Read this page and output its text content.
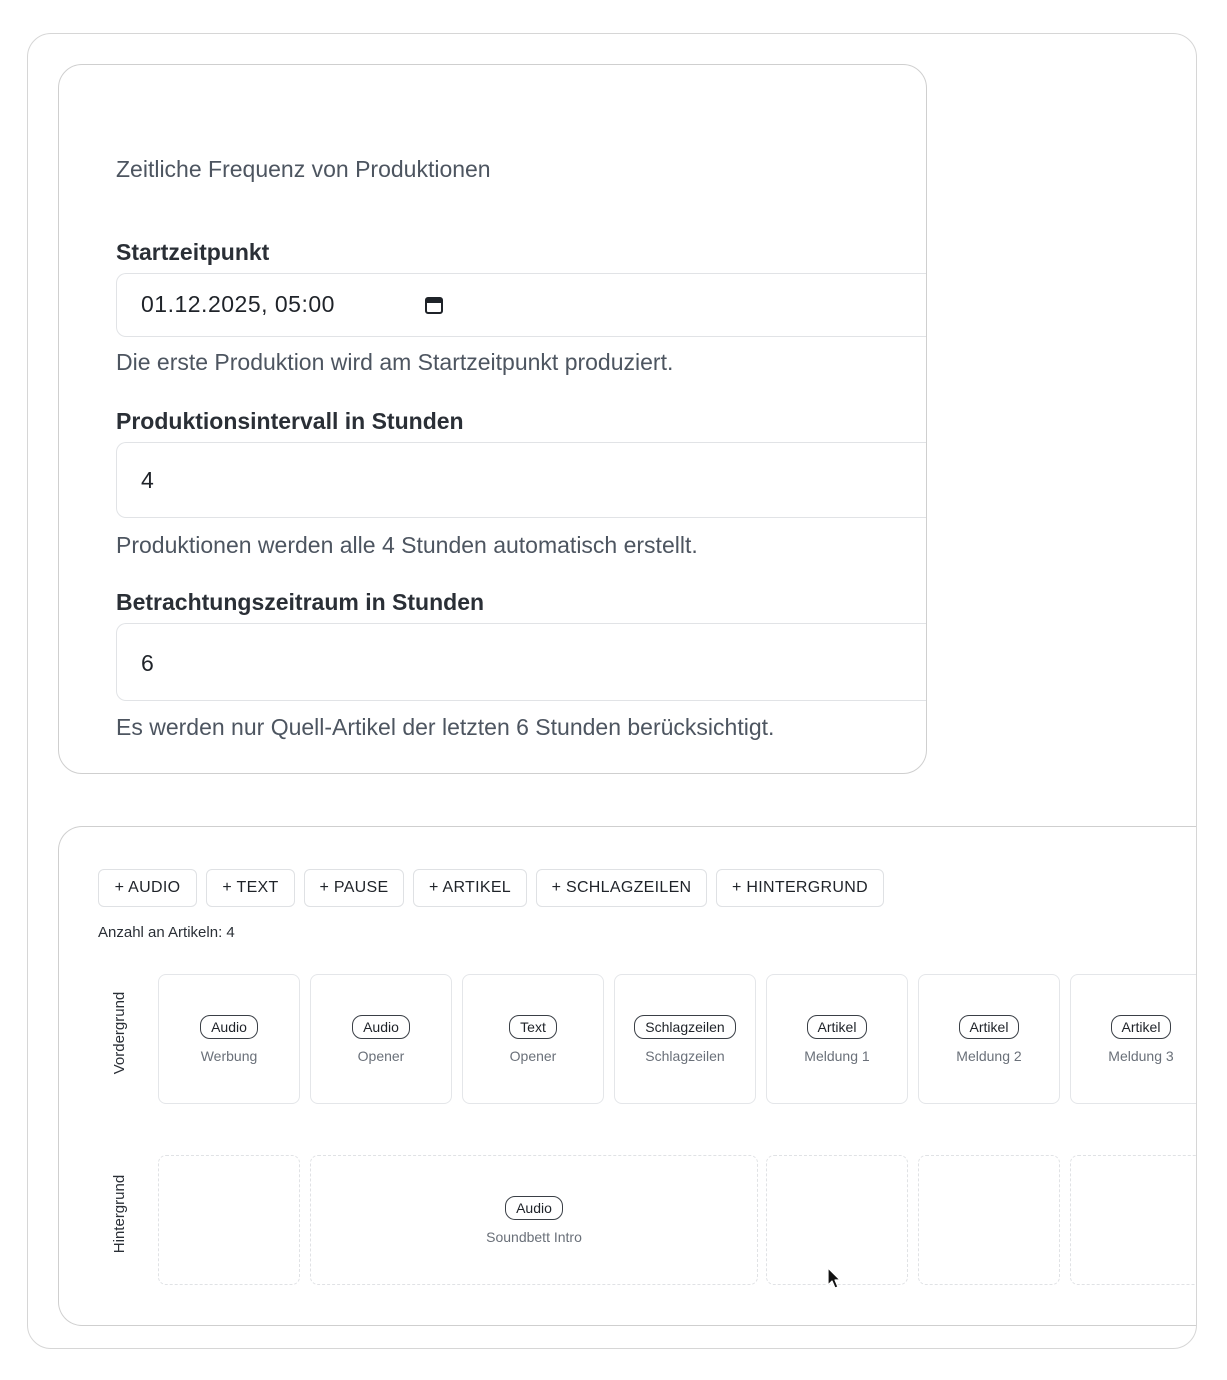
Zeitliche Frequenz von Produktionen
Startzeitpunkt
01.12.2025, 05:00
Die erste Produktion wird am Startzeitpunkt produziert.
Produktionsintervall in Stunden
4
Produktionen werden alle 4 Stunden automatisch erstellt.
Betrachtungszeitraum in Stunden
6
Es werden nur Quell-Artikel der letzten 6 Stunden berücksichtigt.
+ AUDIO	+ TEXT	+ PAUSE	+ ARTIKEL	+ SCHLAGZEILEN	+ HINTERGRUND
Anzahl an Artikeln: 4
Vordergrund	Audio
Werbung
Audio
Opener
Text
Opener
Schlagzeilen
Schlagzeilen
Artikel
Meldung 1
Artikel
Meldung 2
Artikel
Meldung 3
Hintergrund	Audio
Soundbett Intro
